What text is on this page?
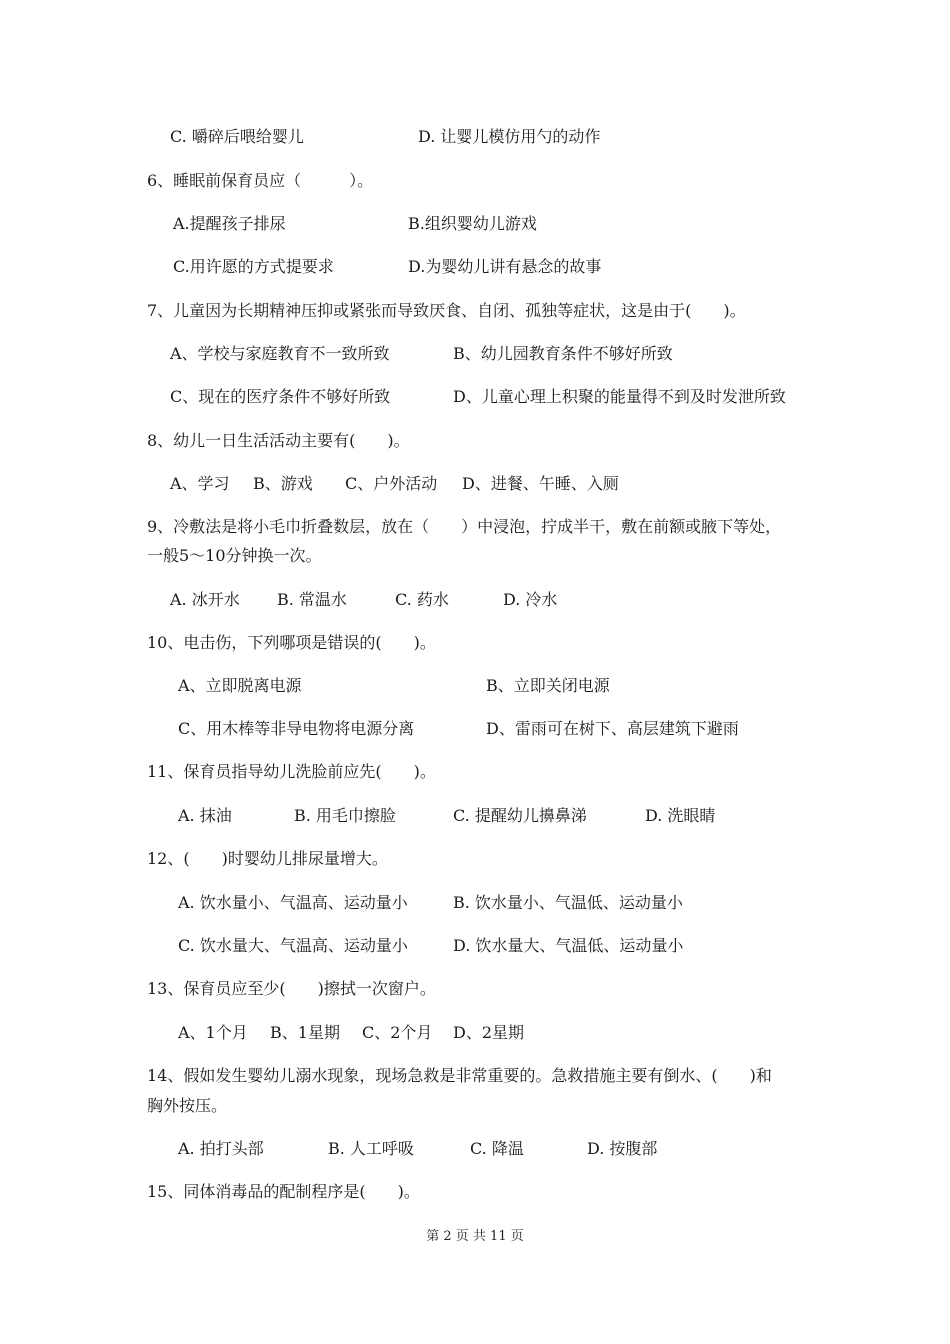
C. 嚼碎后喂给婴儿	D. 让婴儿模仿用勺的动作
6、睡眠前保育员应（　　　）。
A.提醒孩子排尿	B.组织婴幼儿游戏
C.用许愿的方式提要求	D.为婴幼儿讲有悬念的故事
7、儿童因为长期精神压抑或紧张而导致厌食、自闭、孤独等症状，这是由于(　　)。
A、学校与家庭教育不一致所致	B、幼儿园教育条件不够好所致
C、现在的医疗条件不够好所致	D、儿童心理上积聚的能量得不到及时发泄所致
8、幼儿一日生活活动主要有(　　)。
A、学习 B、游戏 C、户外活动 D、进餐、午睡、入厕
9、冷敷法是将小毛巾折叠数层，放在（　　）中浸泡，拧成半干，敷在前额或腋下等处，
一般5～10分钟换一次。
A. 冰开水 B. 常温水	C. 药水	D. 冷水
10、电击伤，下列哪项是错误的(　　)。
A、立即脱离电源	B、立即关闭电源
C、用木棒等非导电物将电源分离	D、雷雨可在树下、高层建筑下避雨
11、保育员指导幼儿洗脸前应先(　　)。
A. 抹油	B. 用毛巾擦脸	C. 提醒幼儿擤鼻涕	D. 洗眼睛
12、(　　)时婴幼儿排尿量增大。
A. 饮水量小、气温高、运动量小	B. 饮水量小、气温低、运动量小
C. 饮水量大、气温高、运动量小	D. 饮水量大、气温低、运动量小
13、保育员应至少(　　)擦拭一次窗户。
A、1个月 B、1星期 C、2个月 D、2星期
14、假如发生婴幼儿溺水现象，现场急救是非常重要的。急救措施主要有倒水、(　　)和
胸外按压。
A. 拍打头部	B. 人工呼吸	C. 降温	D. 按腹部
15、同体消毒品的配制程序是(　　)。
第 2 页 共 11 页
